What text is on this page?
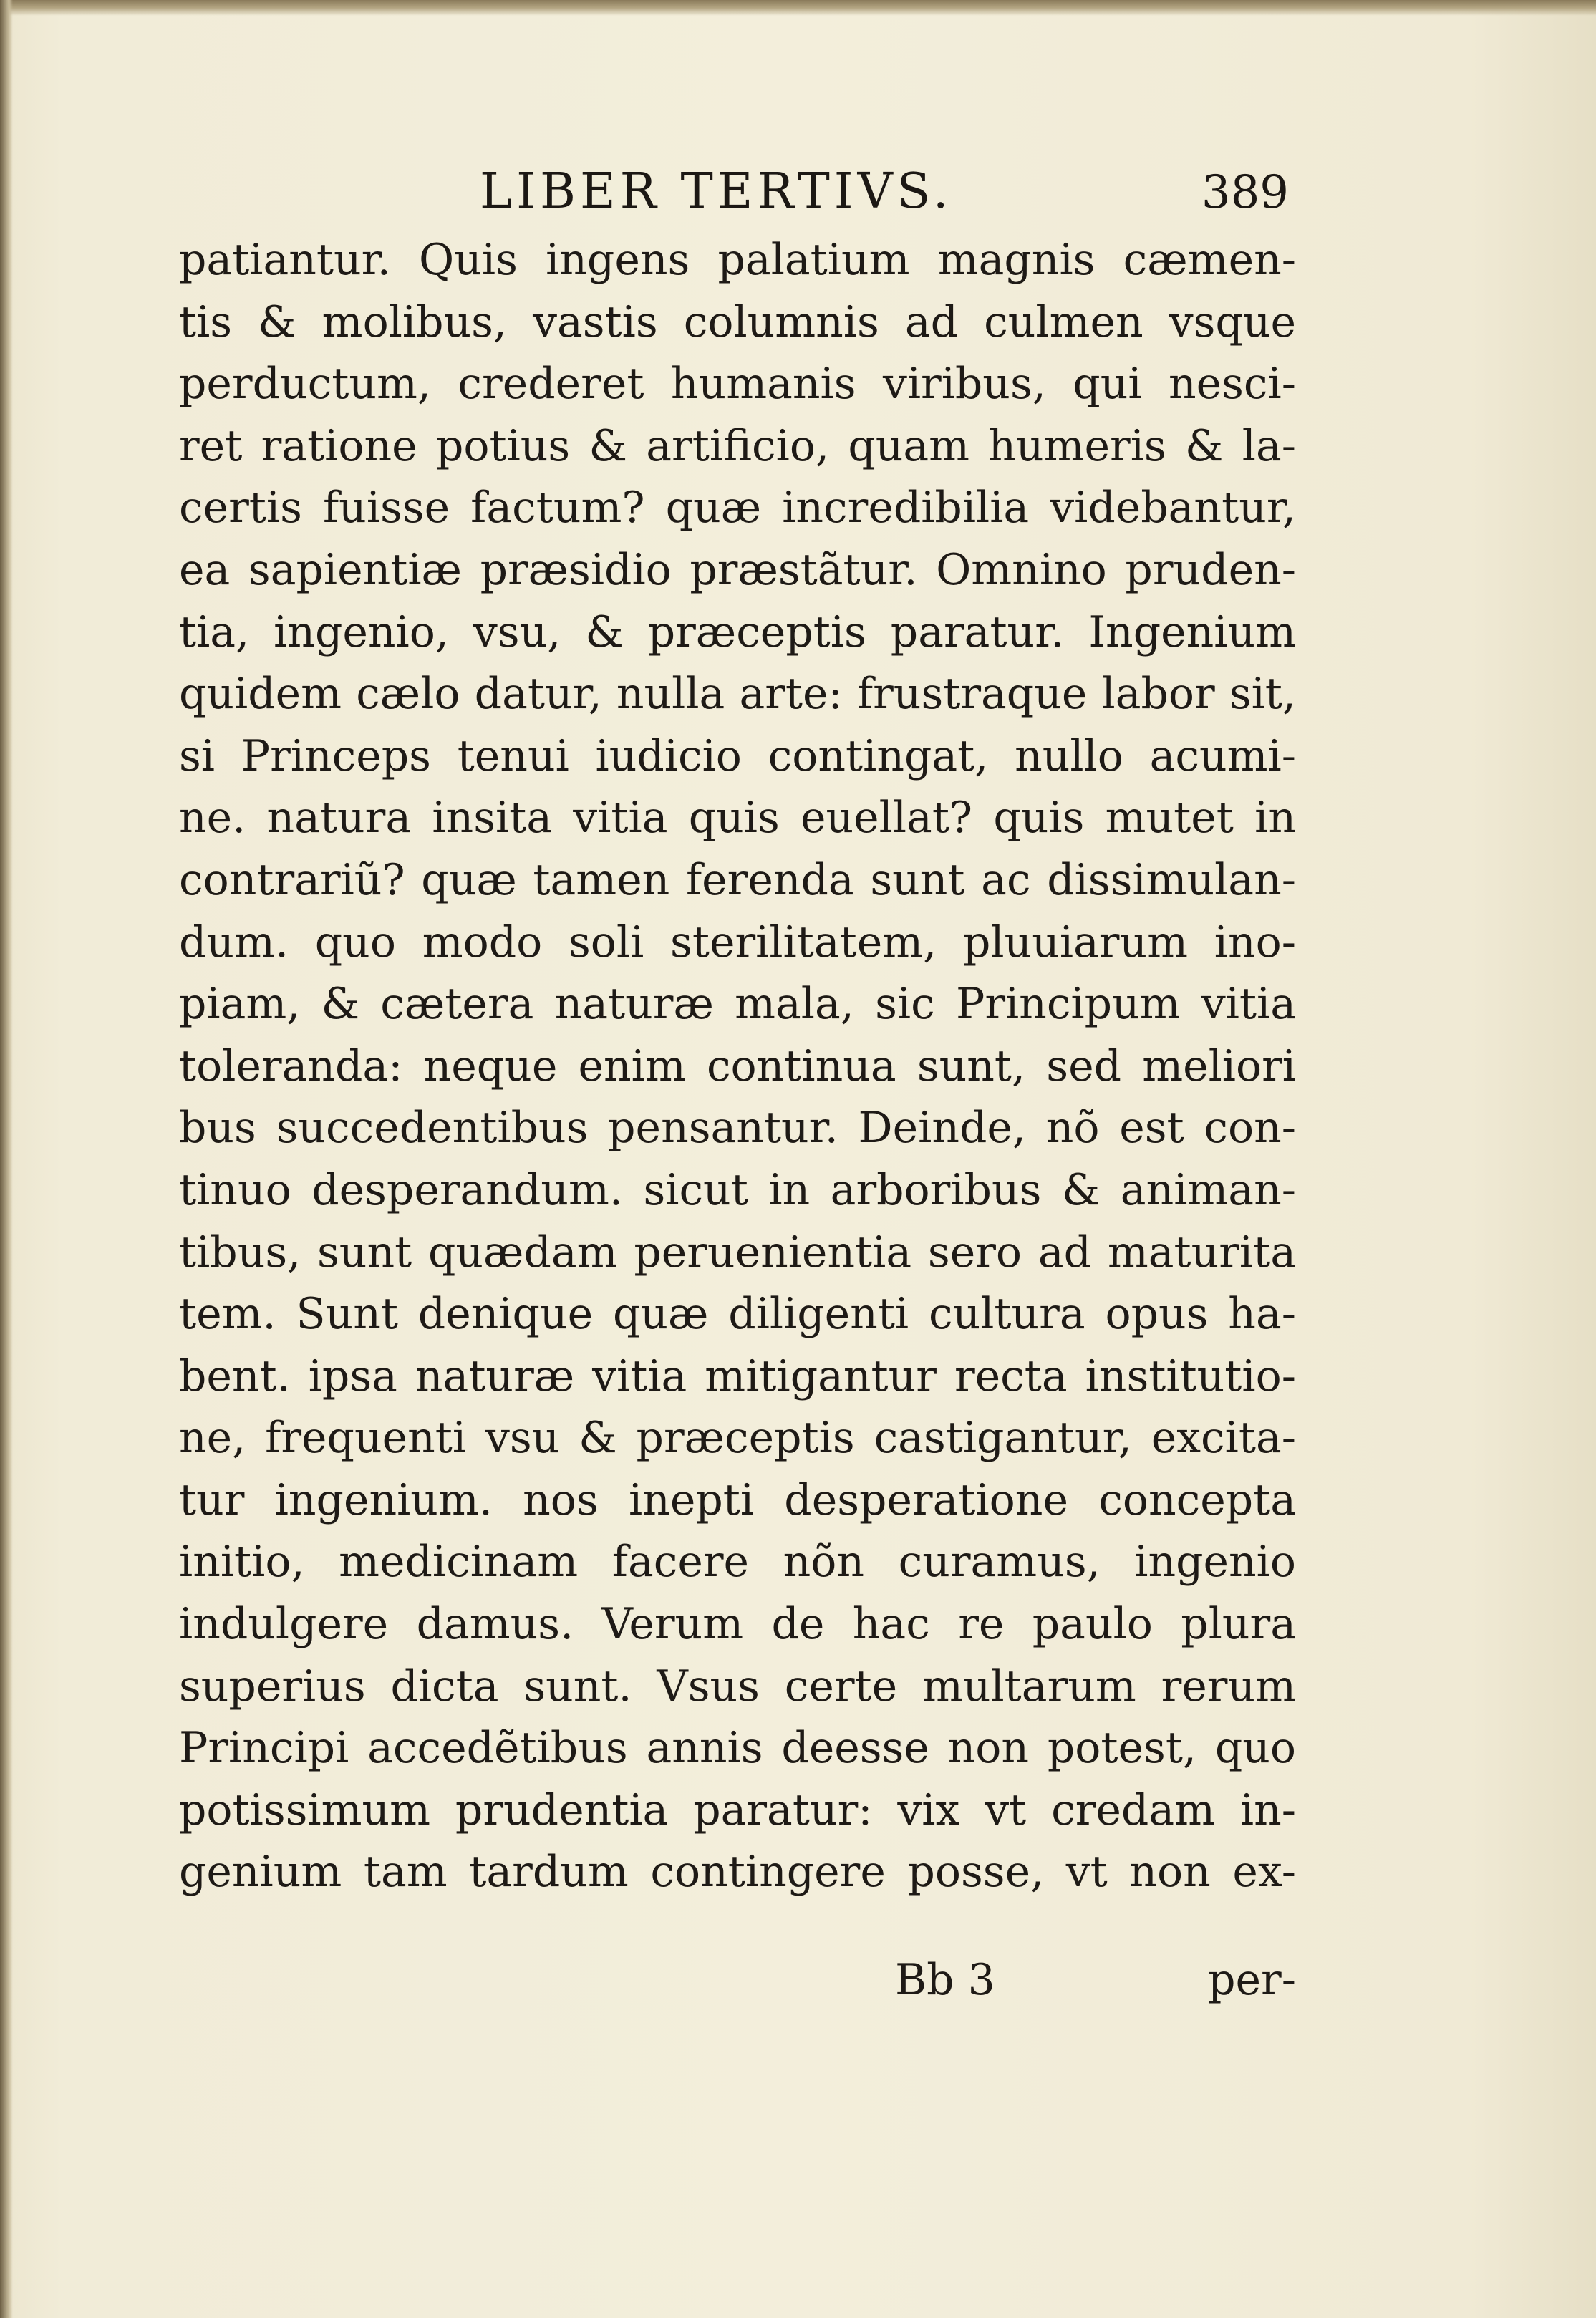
LIBER TERTIVS.	389
patiantur. Quis ingens palatium magnis cæmen-
tis & molibus, vastis columnis ad culmen vsque
perductum, crederet humanis viribus, qui nesci-
ret ratione potius & artificio, quam humeris & la-
certis fuisse factum? quæ incredibilia videbantur,
ea sapientiæ præsidio præstãtur. Omnino pruden-
tia, ingenio, vsu, & præceptis paratur. Ingenium
quidem cælo datur, nulla arte: frustraque labor sit,
si Princeps tenui iudicio contingat, nullo acumi-
ne. natura insita vitia quis euellat? quis mutet in
contrariũ? quæ tamen ferenda sunt ac dissimulan-
dum. quo modo soli sterilitatem, pluuiarum ino-
piam, & cætera naturæ mala, sic Principum vitia
toleranda: neque enim continua sunt, sed meliori
bus succedentibus pensantur. Deinde, nõ est con-
tinuo desperandum. sicut in arboribus & animan-
tibus, sunt quædam peruenientia sero ad maturita
tem. Sunt denique quæ diligenti cultura opus ha-
bent. ipsa naturæ vitia mitigantur recta institutio-
ne, frequenti vsu & præceptis castigantur, excita-
tur ingenium. nos inepti desperatione concepta
initio, medicinam facere nõn curamus, ingenio
indulgere damus. Verum de hac re paulo plura
superius dicta sunt. Vsus certe multarum rerum
Principi accedẽtibus annis deesse non potest, quo
potissimum prudentia paratur: vix vt credam in-
genium tam tardum contingere posse, vt non ex-
Bb 3	per-
